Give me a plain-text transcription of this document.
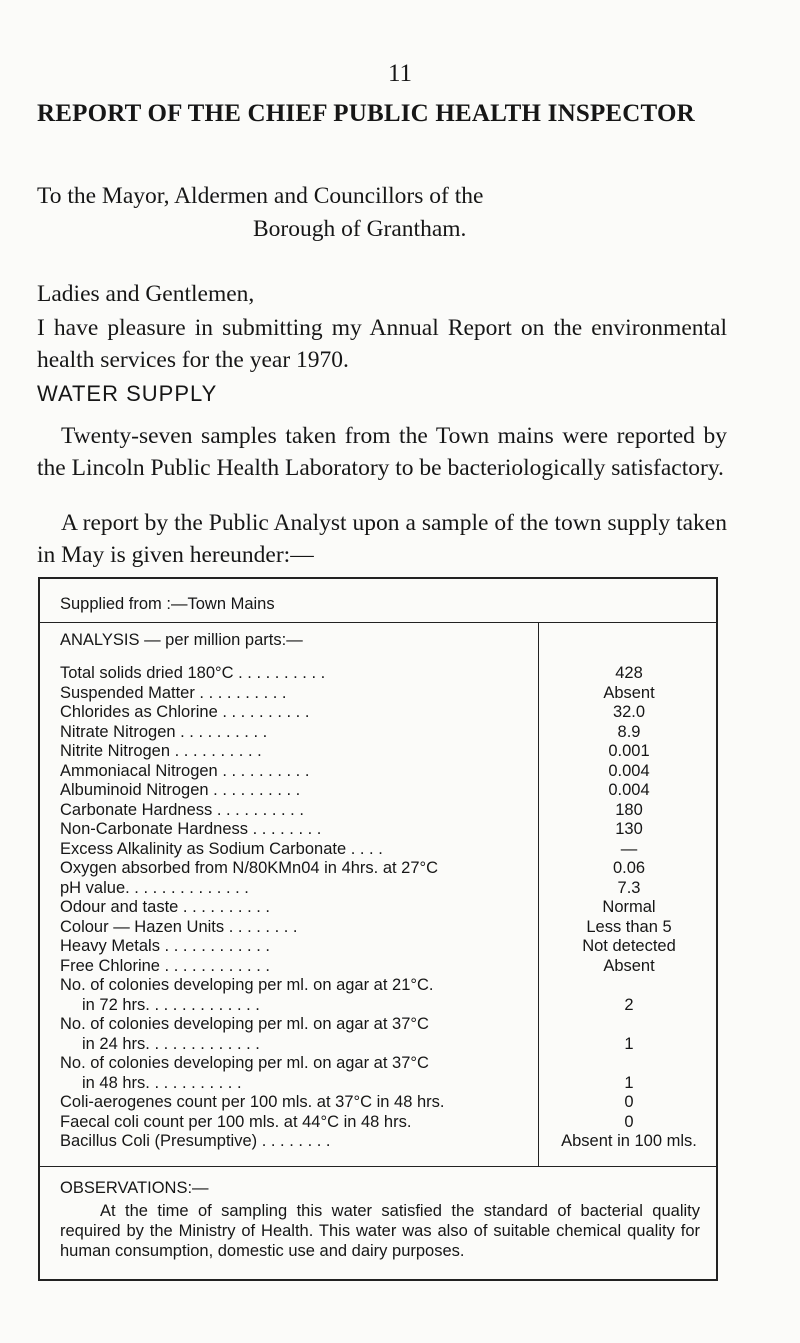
11
REPORT OF THE CHIEF PUBLIC HEALTH INSPECTOR
To the Mayor, Aldermen and Councillors of the
Borough of Grantham.
Ladies and Gentlemen,
I have pleasure in submitting my Annual Report on the environmental health services for the year 1970.
WATER SUPPLY
Twenty-seven samples taken from the Town mains were reported by the Lincoln Public Health Laboratory to be bacteriologically satisfactory.
A report by the Public Analyst upon a sample of the town supply taken in May is given hereunder:—
Supplied from :—Town Mains
ANALYSIS — per million parts:—
Total solids dried 180°C . . . . . . . . . .	428
Suspended Matter . . . . . . . . . .	Absent
Chlorides as Chlorine . . . . . . . . . .	32.0
Nitrate Nitrogen . . . . . . . . . .	8.9
Nitrite Nitrogen . . . . . . . . . .	0.001
Ammoniacal Nitrogen . . . . . . . . . .	0.004
Albuminoid Nitrogen . . . . . . . . . .	0.004
Carbonate Hardness . . . . . . . . . .	180
Non-Carbonate Hardness . . . . . . . .	130
Excess Alkalinity as Sodium Carbonate . . . .	—
Oxygen absorbed from N/80KMn04 in 4hrs. at 27°C	0.06
pH value. . . . . . . . . . . . . .	7.3
Odour and taste . . . . . . . . . .	Normal
Colour — Hazen Units . . . . . . . .	Less than 5
Heavy Metals . . . . . . . . . . . .	Not detected
Free Chlorine . . . . . . . . . . . .	Absent
No. of colonies developing per ml. on agar at 21°C.
in 72 hrs. . . . . . . . . . . . .	2
No. of colonies developing per ml. on agar at 37°C
in 24 hrs. . . . . . . . . . . . .	1
No. of colonies developing per ml. on agar at 37°C
in 48 hrs. . . . . . . . . . .	1
Coli-aerogenes count per 100 mls. at 37°C in 48 hrs.	0
Faecal coli count per 100 mls. at 44°C in 48 hrs.	0
Bacillus Coli (Presumptive) . . . . . . . .	Absent in 100 mls.
OBSERVATIONS:—
At the time of sampling this water satisfied the standard of bacterial quality required by the Ministry of Health. This water was also of suitable chemical quality for human consumption, domestic use and dairy purposes.
